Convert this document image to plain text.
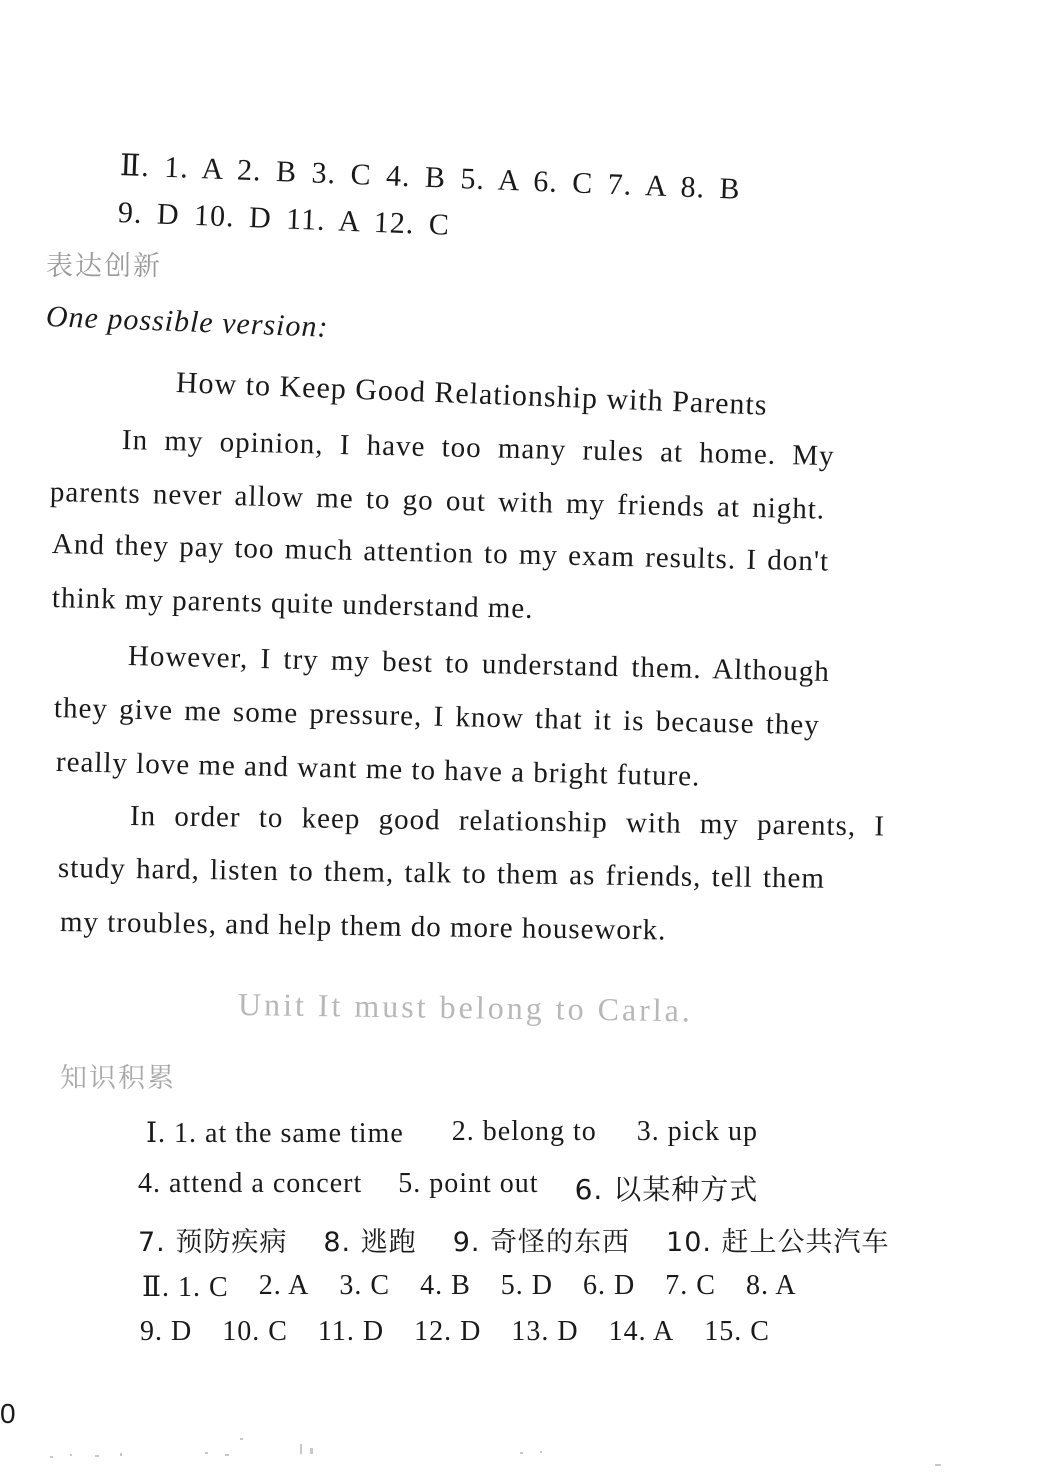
Ⅱ. 1. A 2. B 3. C 4. B 5. A 6. C 7. A 8. B
9. D 10. D 11. A 12. C
表达创新
One possible version:
How to Keep Good Relationship with Parents
In my opinion, I have too many rules at home. My
parents never allow me to go out with my friends at night.
And they pay too much attention to my exam results. I don't
think my parents quite understand me.
However, I try my best to understand them. Although
they give me some pressure, I know that it is because they
really love me and want me to have a bright future.
In order to keep good relationship with my parents, I
study hard, listen to them, talk to them as friends, tell them
my troubles, and help them do more housework.
Unit It must belong to Carla.
知识积累
Ⅰ. 1. at the same time 2. belong to 3. pick up
4. attend a concert 5. point out 6. 以某种方式
7. 预防疾病 8. 逃跑 9. 奇怪的东西 10. 赶上公共汽车
Ⅱ. 1. C 2. A 3. C 4. B 5. D 6. D 7. C 8. A
9. D 10. C 11. D 12. D 13. D 14. A 15. C
0
